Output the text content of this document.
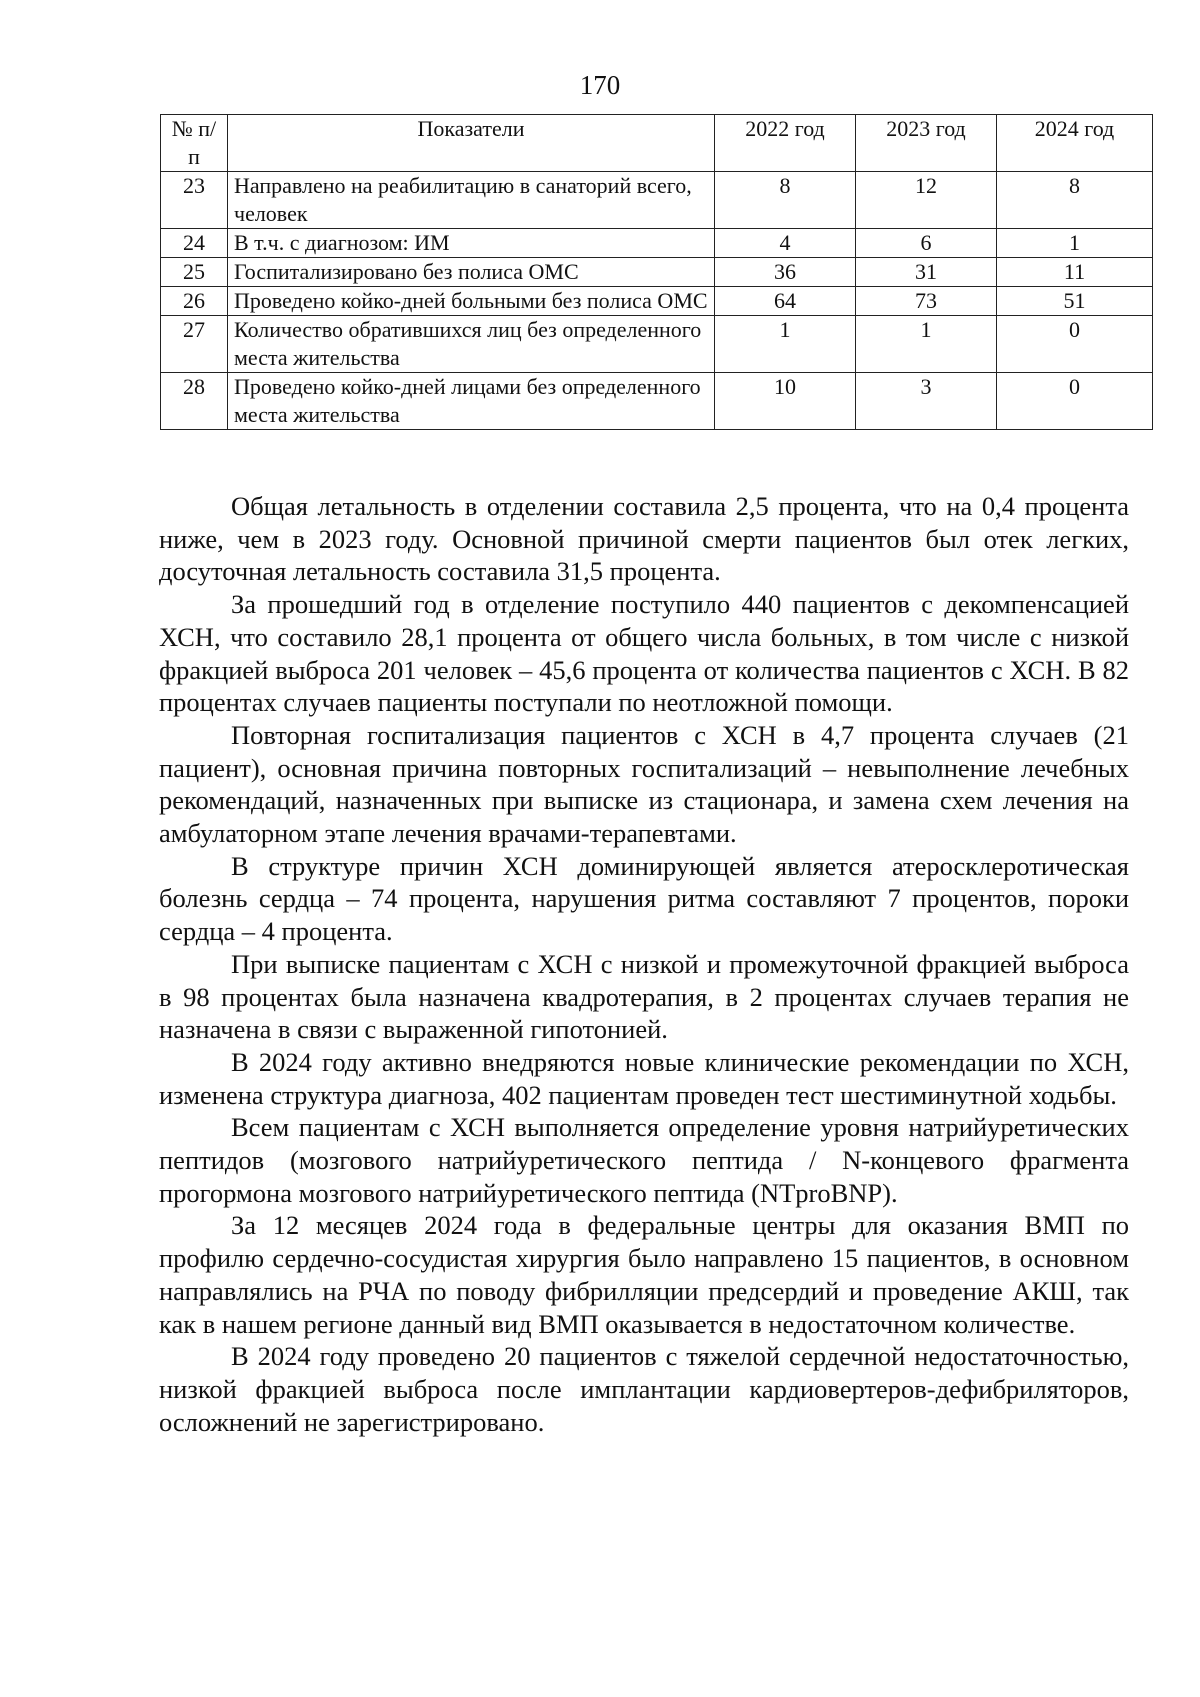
170
№ п/п	Показатели	2022 год	2023 год	2024 год
23	Направлено на реабилитацию в санаторий всего, человек	8	12	8
24	В т.ч. с диагнозом: ИМ	4	6	1
25	Госпитализировано без полиса ОМС	36	31	11
26	Проведено койко-дней больными без полиса ОМС	64	73	51
27	Количество обратившихся лиц без определенного места жительства	1	1	0
28	Проведено койко-дней лицами без определенного места жительства	10	3	0

Общая летальность в отделении составила 2,5 процента, что на 0,4 процента ниже, чем в 2023 году. Основной причиной смерти пациентов был отек легких, досуточная летальность составила 31,5 процента.

За прошедший год в отделение поступило 440 пациентов с декомпенсацией ХСН, что составило 28,1 процента от общего числа больных, в том числе с низкой фракцией выброса 201 человек – 45,6 процента от количества пациентов с ХСН. В 82 процентах случаев пациенты поступали по неотложной помощи.

Повторная госпитализация пациентов с ХСН в 4,7 процента случаев (21 пациент), основная причина повторных госпитализаций – невыполнение лечебных рекомендаций, назначенных при выписке из стационара, и замена схем лечения на амбулаторном этапе лечения врачами-терапевтами.

В структуре причин ХСН доминирующей является атеросклеротическая болезнь сердца – 74 процента, нарушения ритма составляют 7 процентов, пороки сердца – 4 процента.

При выписке пациентам с ХСН с низкой и промежуточной фракцией выброса в 98 процентах была назначена квадротерапия, в 2 процентах случаев терапия не назначена в связи с выраженной гипотонией.

В 2024 году активно внедряются новые клинические рекомендации по ХСН, изменена структура диагноза, 402 пациентам проведен тест шестиминутной ходьбы.

Всем пациентам с ХСН выполняется определение уровня натрийуретических пептидов (мозгового натрийуретического пептида / N-концевого фрагмента прогормона мозгового натрийуретического пептида (NTproBNP).

За 12 месяцев 2024 года в федеральные центры для оказания ВМП по профилю сердечно-сосудистая хирургия было направлено 15 пациентов, в основном направлялись на РЧА по поводу фибрилляции предсердий и проведение АКШ, так как в нашем регионе данный вид ВМП оказывается в недостаточном количестве.

В 2024 году проведено 20 пациентов с тяжелой сердечной недостаточностью, низкой фракцией выброса после имплантации кардиовертеров-дефибриляторов, осложнений не зарегистрировано.
